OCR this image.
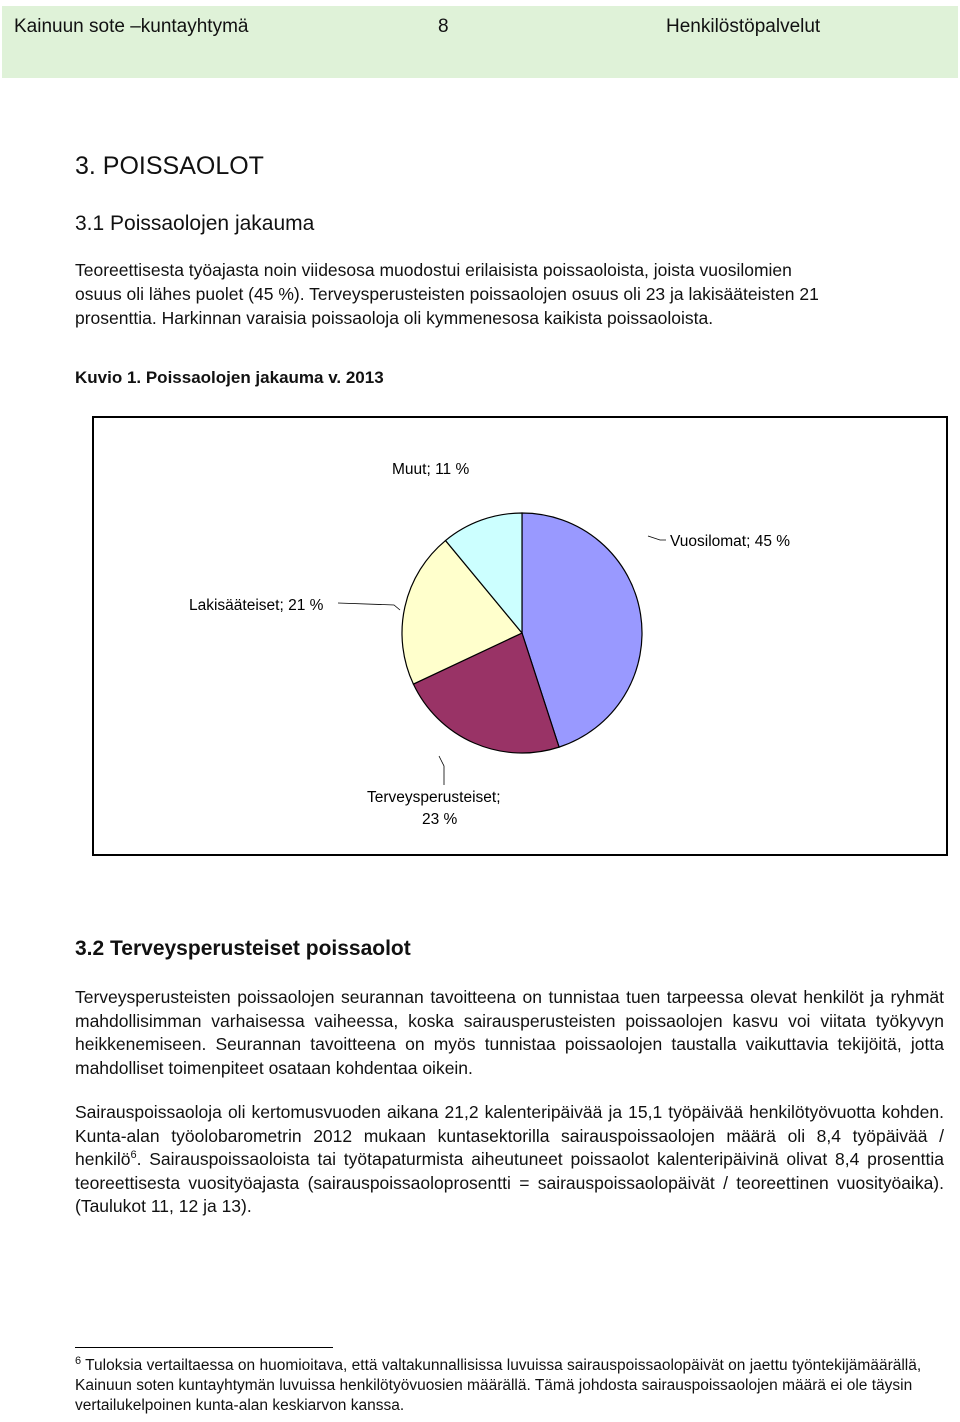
Kainuun sote –kuntayhtymä	8	Henkilöstöpalvelut
3. POISSAOLOT
3.1 Poissaolojen jakauma

Teoreettisesta työajasta noin viidesosa muodostui erilaisista poissaoloista, joista vuosilomien

osuus oli lähes puolet (45 %). Terveysperusteisten poissaolojen osuus oli 23 ja lakisääteisten 21

prosenttia. Harkinnan varaisia poissaoloja oli kymmenesosa kaikista poissaoloista.

Kuvio 1. Poissaolojen jakauma v. 2013

Muut; 11 %
Vuosilomat; 45 %
Lakisääteiset; 21 %
Terveysperusteiset;
23 %
3.2 Terveysperusteiset poissaolot

Terveysperusteisten poissaolojen seurannan tavoitteena on tunnistaa tuen tarpeessa olevat henkilöt ja ryhmät mahdollisimman varhaisessa vaiheessa, koska sairausperusteisten poissaolojen kasvu voi viitata työkyvyn heikkenemiseen. Seurannan tavoitteena on myös tunnistaa poissaolojen taustalla vaikuttavia tekijöitä, jotta mahdolliset toimenpiteet osataan kohdentaa oikein.

Sairauspoissaoloja oli kertomusvuoden aikana 21,2 kalenteripäivää ja 15,1 työpäivää henkilötyövuotta kohden. Kunta-alan työolobarometrin 2012 mukaan kuntasektorilla sairauspoissaolojen määrä oli 8,4 työpäivää / henkilö$^6$. Sairauspoissaoloista tai työtapaturmista aiheutuneet poissaolot kalenteripäivinä olivat 8,4 prosenttia teoreettisesta vuosityöajasta (sairauspoissaoloprosentti = sairauspoissaolopäivät / teoreettinen vuosityöaika). (Taulukot 11, 12 ja 13).

$^6$ Tuloksia vertailtaessa on huomioitava, että valtakunnallisissa luvuissa sairauspoissaolopäivät on jaettu työntekijämäärällä, Kainuun soten kuntayhtymän luvuissa henkilötyövuosien määrällä. Tämä johdosta sairauspoissaolojen määrä ei ole täysin vertailukelpoinen kunta-alan keskiarvon kanssa.
